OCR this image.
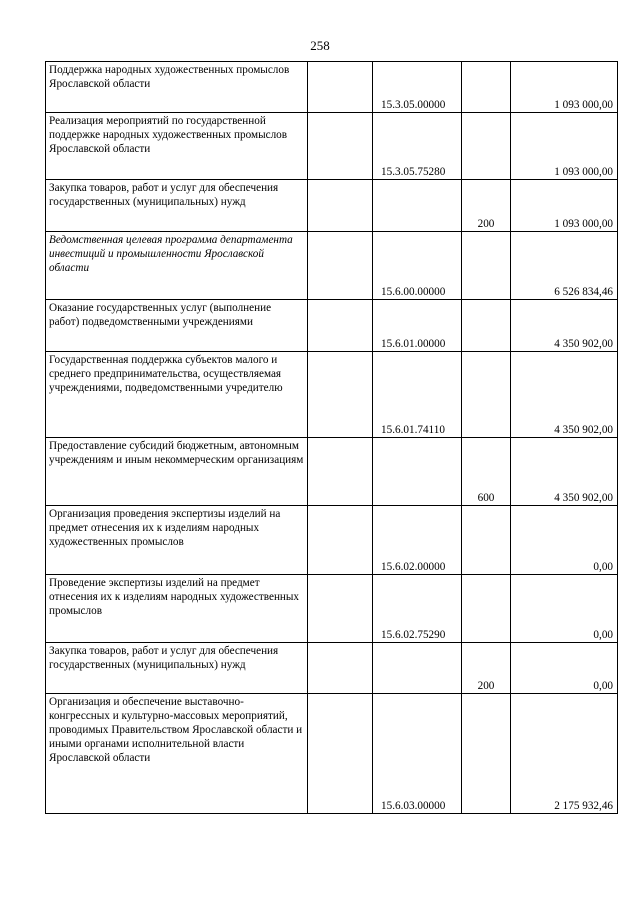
258
Поддержка народных художественных промыслов Ярославской области		15.3.05.00000		1 093 000,00
Реализация мероприятий по государственной поддержке народных художественных промыслов Ярославской области		15.3.05.75280		1 093 000,00
Закупка товаров, работ и услуг для обеспечения государственных (муниципальных) нужд			200	1 093 000,00
Ведомственная целевая программа департамента инвестиций и промышленности Ярославской области		15.6.00.00000		6 526 834,46
Оказание государственных услуг (выполнение работ) подведомственными учреждениями		15.6.01.00000		4 350 902,00
Государственная поддержка субъектов малого и среднего предпринимательства, осуществляемая учреждениями, подведомственными учредителю		15.6.01.74110		4 350 902,00
Предоставление субсидий бюджетным, автономным учреждениям и иным некоммерческим организациям			600	4 350 902,00
Организация проведения экспертизы изделий на предмет отнесения их к изделиям народных художественных промыслов		15.6.02.00000		0,00
Проведение экспертизы изделий на предмет отнесения их к изделиям народных художественных промыслов		15.6.02.75290		0,00
Закупка товаров, работ и услуг для обеспечения государственных (муниципальных) нужд			200	0,00
Организация и обеспечение выставочно-конгрессных и культурно-массовых мероприятий, проводимых Правительством Ярославской области и иными органами исполнительной власти Ярославской области		15.6.03.00000		2 175 932,46
